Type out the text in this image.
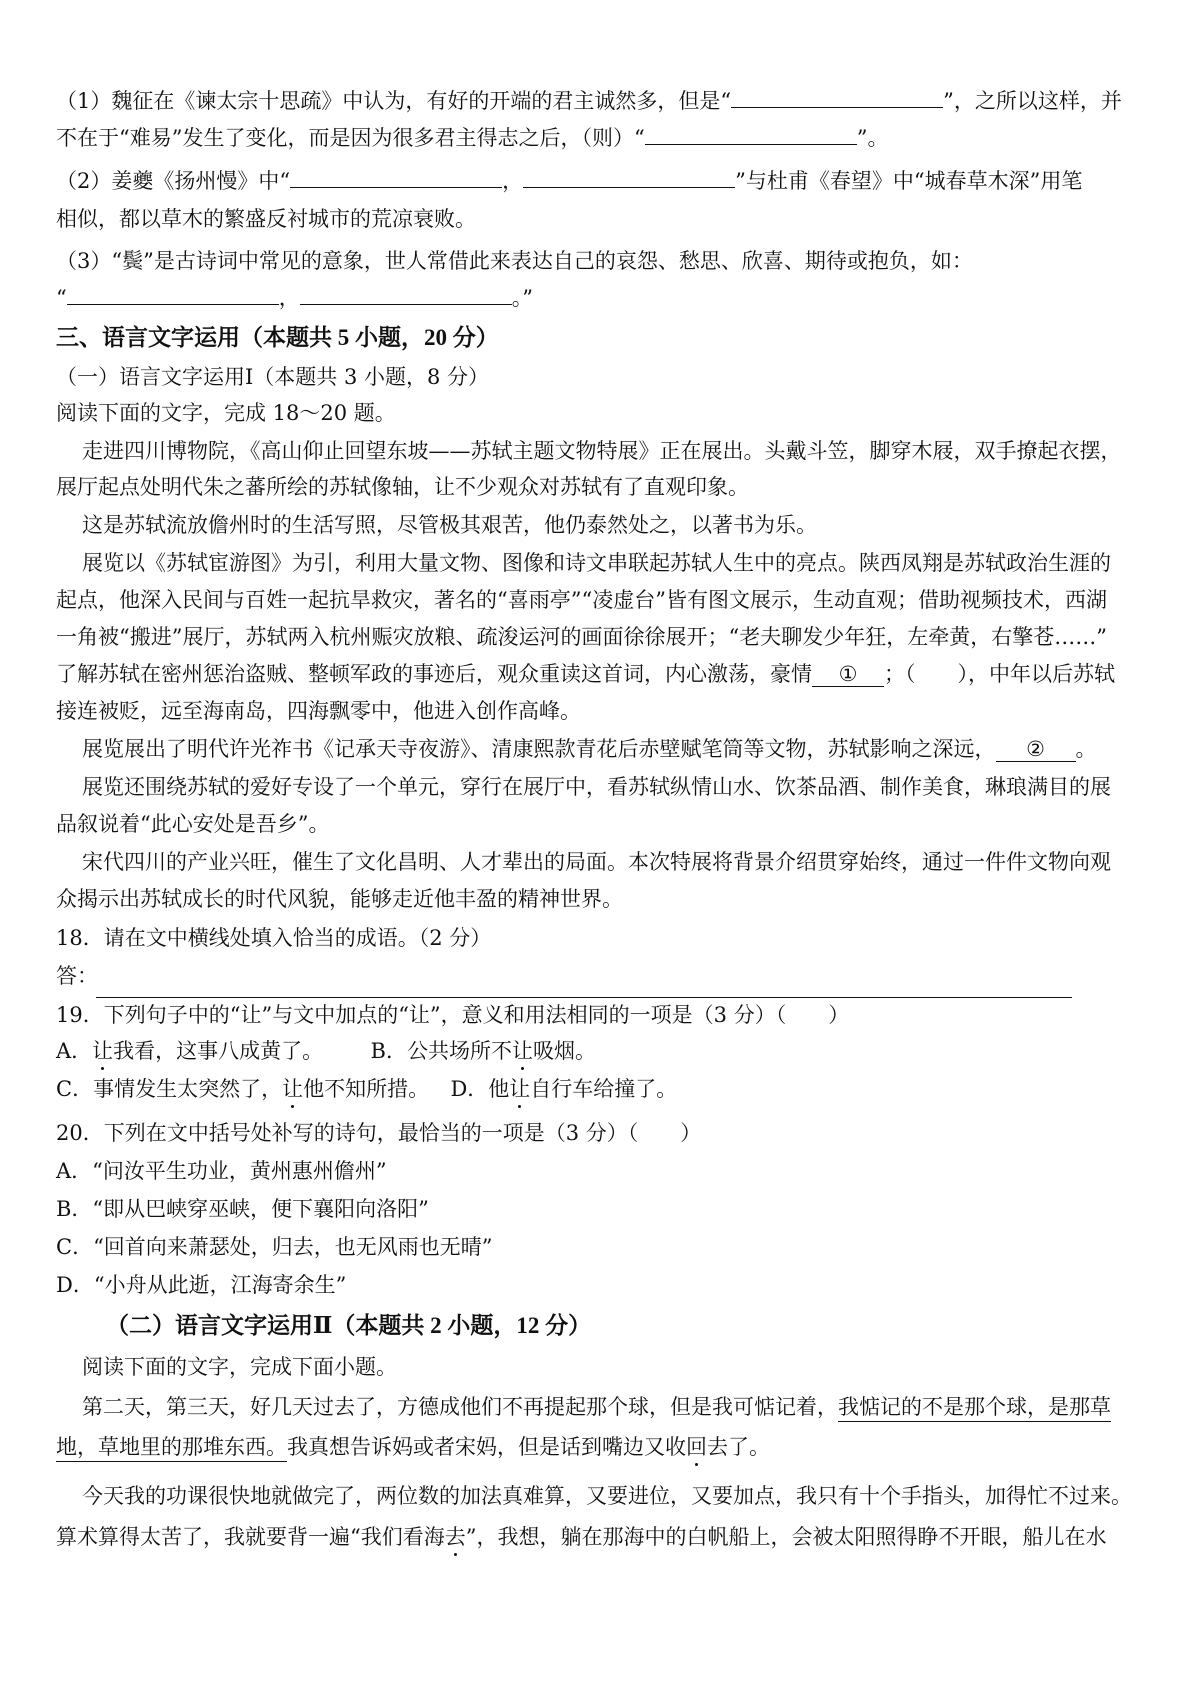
（1）魏征在《谏太宗十思疏》中认为，有好的开端的君主诚然多，但是“	”，之所以这样，并
不在于“难易”发生了变化，而是因为很多君主得志之后，（则）“	”。
（2）姜夔《扬州慢》中“	，	”与杜甫《春望》中“城春草木深”用笔
相似，都以草木的繁盛反衬城市的荒凉衰败。
（3）“鬓”是古诗词中常见的意象，世人常借此来表达自己的哀怨、愁思、欣喜、期待或抱负，如：
“	，	。”
三、语言文字运用（本题共 5 小题，20 分）
（一）语言文字运用Ⅰ（本题共 3 小题，8 分）
阅读下面的文字，完成 18～20 题。
走进四川博物院，《高山仰止回望东坡——苏轼主题文物特展》正在展出。头戴斗笠，脚穿木屐，双手撩起衣摆，
展厅起点处明代朱之蕃所绘的苏轼像轴，让不少观众对苏轼有了直观印象。
这是苏轼流放儋州时的生活写照，尽管极其艰苦，他仍泰然处之，以著书为乐。
展览以《苏轼宦游图》为引，利用大量文物、图像和诗文串联起苏轼人生中的亮点。陕西凤翔是苏轼政治生涯的
起点，他深入民间与百姓一起抗旱救灾，著名的“喜雨亭”“凌虚台”皆有图文展示，生动直观；借助视频技术，西湖
一角被“搬进”展厅，苏轼两入杭州赈灾放粮、疏浚运河的画面徐徐展开；“老夫聊发少年狂，左牵黄，右擎苍……”
了解苏轼在密州惩治盗贼、整顿军政的事迹后，观众重读这首词，内心激荡，豪情 ① ；（　　），中年以后苏轼
接连被贬，远至海南岛，四海飘零中，他进入创作高峰。
展览展出了明代许光祚书《记承天寺夜游》、清康熙款青花后赤壁赋笔筒等文物，苏轼影响之深远， ② 。
展览还围绕苏轼的爱好专设了一个单元，穿行在展厅中，看苏轼纵情山水、饮茶品酒、制作美食，琳琅满目的展
品叙说着“此心安处是吾乡”。
宋代四川的产业兴旺，催生了文化昌明、人才辈出的局面。本次特展将背景介绍贯穿始终，通过一件件文物向观
众揭示出苏轼成长的时代风貌，能够走近他丰盈的精神世界。
18．请在文中横线处填入恰当的成语。（2 分）
答：
19．下列句子中的“让”与文中加点的“让”，意义和用法相同的一项是（3 分）（　　）
A．让我看，这事八成黄了。 B．公共场所不让吸烟。
C．事情发生太突然了，让他不知所措。 D．他让自行车给撞了。
20．下列在文中括号处补写的诗句，最恰当的一项是（3 分）（　　）
A．“问汝平生功业，黄州惠州儋州”
B．“即从巴峡穿巫峡，便下襄阳向洛阳”
C．“回首向来萧瑟处，归去，也无风雨也无晴”
D．“小舟从此逝，江海寄余生”
（二）语言文字运用Ⅱ（本题共 2 小题，12 分）
阅读下面的文字，完成下面小题。
第二天，第三天，好几天过去了，方德成他们不再提起那个球，但是我可惦记着，我惦记的不是那个球，是那草
地，草地里的那堆东西。我真想告诉妈或者宋妈，但是话到嘴边又收回去了。
今天我的功课很快地就做完了，两位数的加法真难算，又要进位，又要加点，我只有十个手指头，加得忙不过来。
算术算得太苦了，我就要背一遍“我们看海去”，我想，躺在那海中的白帆船上，会被太阳照得睁不开眼，船儿在水
